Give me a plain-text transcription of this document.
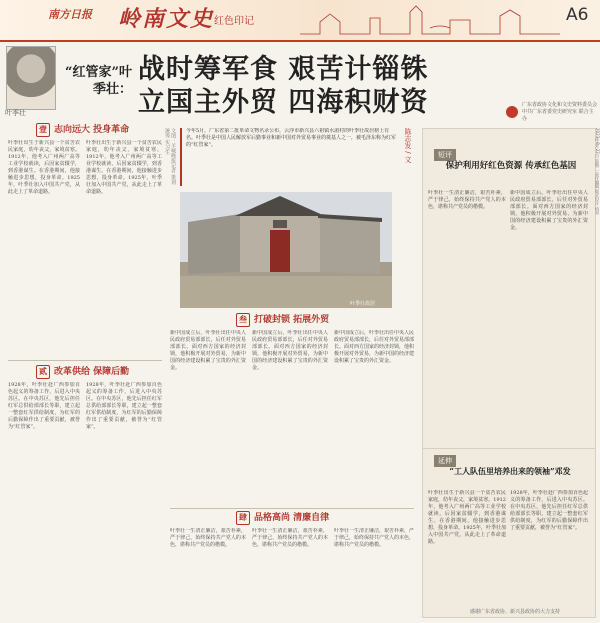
南方日报 岭南文史 红色印记	A6
叶季壮
“红管家”叶季壮：
战时筹军食 艰苦计锱铢
立国主外贸 四海积财资	广东省政协文化和文史资料委员会 中共广东省委党史研究室 联合主办
壹 志向远大 投身革命
叶季壮出生于新兴县一个贫苦农民家庭，幼年丧父，家境贫寒。1912年，他考入广州两广高等工业学校就读，后因家贫辍学，到香港谋生。在香港期间，他接触进步思想，投身革命。1925年，叶季壮加入中国共产党，从此走上了革命道路。
叶季壮出生于新兴县一个贫苦农民家庭，幼年丧父，家境贫寒。1912年，他考入广州两广高等工业学校就读，后因家贫辍学，到香港谋生。在香港期间，他接触进步思想，投身革命。1925年，叶季壮加入中国共产党，从此走上了革命道路。
贰 改革供给 保障后勤
1928年，叶季壮赴广西参加百色起义的筹备工作，后进入中央苏区。在中央苏区，他先后担任红军总供给部部长等职，建立起一整套红军供给制度，为红军的后勤保障作出了重要贡献，被誉为“红管家”。
1928年，叶季壮赴广西参加百色起义的筹备工作，后进入中央苏区。在中央苏区，他先后担任红军总供给部部长等职，建立起一整套红军供给制度，为红军的后勤保障作出了重要贡献，被誉为“红管家”。
文图：羊城晚报记者 策划统筹 实习生	今年5月，广东省第二批革命文物名录公布，云浮市新兴县六祖镇水湄村的叶季壮故居榜上有名。叶季壮是中国人民解放军后勤事业和新中国对外贸易事业的奠基人之一，被毛泽东称为红军的“红管家”。
叶季壮故居
叁 打破封锁 拓展外贸
新中国成立后，叶季壮出任中央人民政府贸易部部长，后任对外贸易部部长。面对西方国家的经济封锁，他积极开展对外贸易，为新中国的经济建设积累了宝贵的外汇资金。
新中国成立后，叶季壮出任中央人民政府贸易部部长，后任对外贸易部部长。面对西方国家的经济封锁，他积极开展对外贸易，为新中国的经济建设积累了宝贵的外汇资金。
新中国成立后，叶季壮出任中央人民政府贸易部部长，后任对外贸易部部长。面对西方国家的经济封锁，他积极开展对外贸易，为新中国的经济建设积累了宝贵的外汇资金。
肆 品格高尚 清廉自律
叶季壮一生清正廉洁，艰苦朴素，严于律己，始终保持共产党人的本色，堪称共产党员的楷模。
叶季壮一生清正廉洁，艰苦朴素，严于律己，始终保持共产党人的本色，堪称共产党员的楷模。
叶季壮一生清正廉洁，艰苦朴素，严于律己，始终保持共产党人的本色，堪称共产党员的楷模。
陈志发 / 文	短评
保护利用好红色资源 传承红色基因
叶季壮一生清正廉洁，艰苦朴素，严于律己，始终保持共产党人的本色，堪称共产党员的楷模。
新中国成立后，叶季壮出任中央人民政府贸易部部长，后任对外贸易部部长。面对西方国家的经济封锁，他积极开展对外贸易，为新中国的经济建设积累了宝贵的外汇资金。
延伸
“工人队伍里培养出来的领袖”邓发
叶季壮出生于新兴县一个贫苦农民家庭，幼年丧父，家境贫寒。1912年，他考入广州两广高等工业学校就读，后因家贫辍学，到香港谋生。在香港期间，他接触进步思想，投身革命。1925年，叶季壮加入中国共产党，从此走上了革命道路。
1928年，叶季壮赴广西参加百色起义的筹备工作，后进入中央苏区。在中央苏区，他先后担任红军总供给部部长等职，建立起一整套红军供给制度，为红军的后勤保障作出了重要贡献，被誉为“红管家”。
2023年8月22日 星期二 责任编辑 版式设计 校对
感谢广东省政协、新兴县政协的大力支持
